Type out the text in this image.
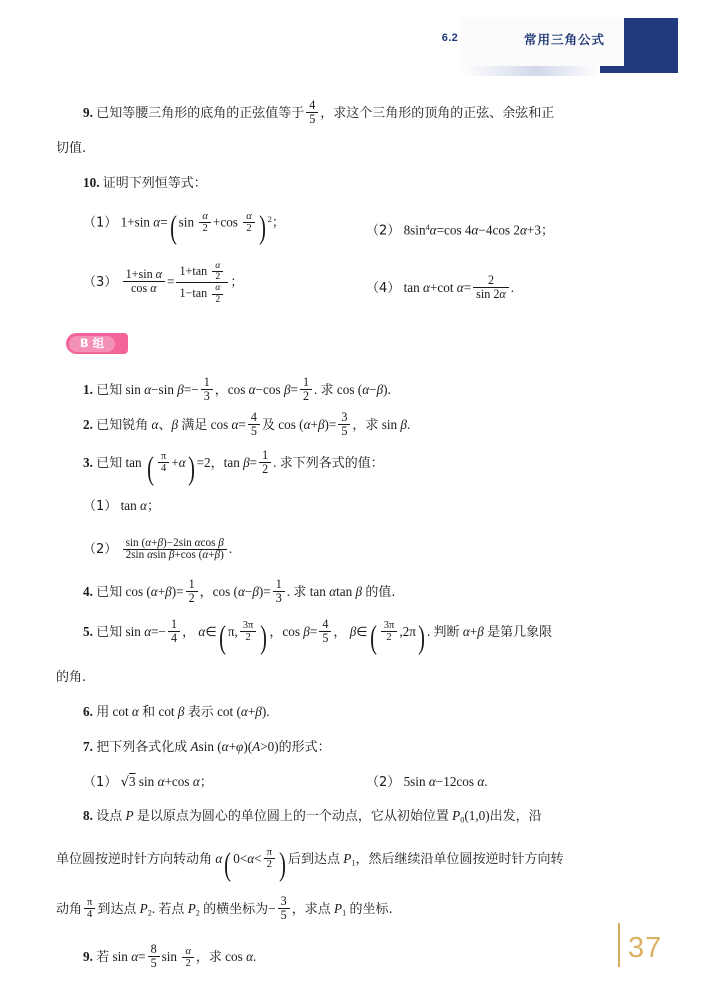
6.2	常用三角公式
9. 已知等腰三角形的底角的正弦值等于 $\frac{4}{5}$ ，求这个三角形的顶角的正弦、余弦和正
切值.
10. 证明下列恒等式：
（1） 1+sin α=( $\sin \frac{\alpha}{2} +\cos \frac{\alpha}{2}$ ) $^2$；
（2） $8\sin^4\alpha=\cos$ 4α−4cos 2α+3；
$(3) \frac{\text{1+sin α}}{\text{cos α}} = \frac{1+\tan \frac{\alpha}{2}}{1-\tan \frac{\alpha}{2}}$ ；	（4） tan α+cot $\alpha= \frac{2}{\sin 2\alpha}$ .
B 组
1. 已知 sin α−sin $\beta=- \frac{1}{3}$ ，cos α−cos $\beta= \frac{1}{2}$ . 求 cos (α−β).
2. 已知锐角 α、β 满足 $\cos \alpha= \frac{4}{5}$ 及 $\cos (\alpha+\beta)= \frac{3}{5}$ ，求 sin β.
3. 已知 tan ( $\frac{\pi}{4} +\alpha) =2$，$\tan \beta= \frac{1}{2}$ . 求下列各式的值：
（1） tan α；
$(2) \frac{\text{sin (α+β)−2sin αcos β}}{\text{2sin αsin β+cos (α+β)}}$ .
4. 已知 $\cos (\alpha+\beta)= \frac{1}{2}$ ，$\cos (\alpha-\beta)= \frac{1}{3}$ . 求 tan αtan β 的值.
5. 已知 $\sin \alpha=- \frac{1}{4}$ ， α∈( π, $\frac{3\pi}{2}$ ) ，$\cos \beta= \frac{4}{5}$ ， β∈( $\frac{3\pi}{2} ,2\pi$) . 判断 α+β 是第几象限
的角.
6. 用 cot α 和 cot β 表示 cot (α+β).
7. 把下列各式化成 Asin (α+φ)(A>0)的形式：
（1） √3 sin α+cos α；	（2） 5sin α−12cos α.
8. 设点 P 是以原点为圆心的单位圆上的一个动点，它从初始位置 $P_0(1,0)$出发，沿
单位圆按逆时针方向转动角 α( $0<\alpha< \frac{\pi}{2}$ ) 后到达点 $P_1$，然后继续沿单位圆按逆时针方向转
动角 $\frac{\pi}{4}$ 到达点 $P_2$. 若点 $P_2$ 的横坐标为− $\frac{3}{5}$ ，求点 $P_1$ 的坐标.
9. 若 $\sin \alpha= \frac{8}{5}$ $\sin \frac{\alpha}{2}$ ，求 cos α.	37
